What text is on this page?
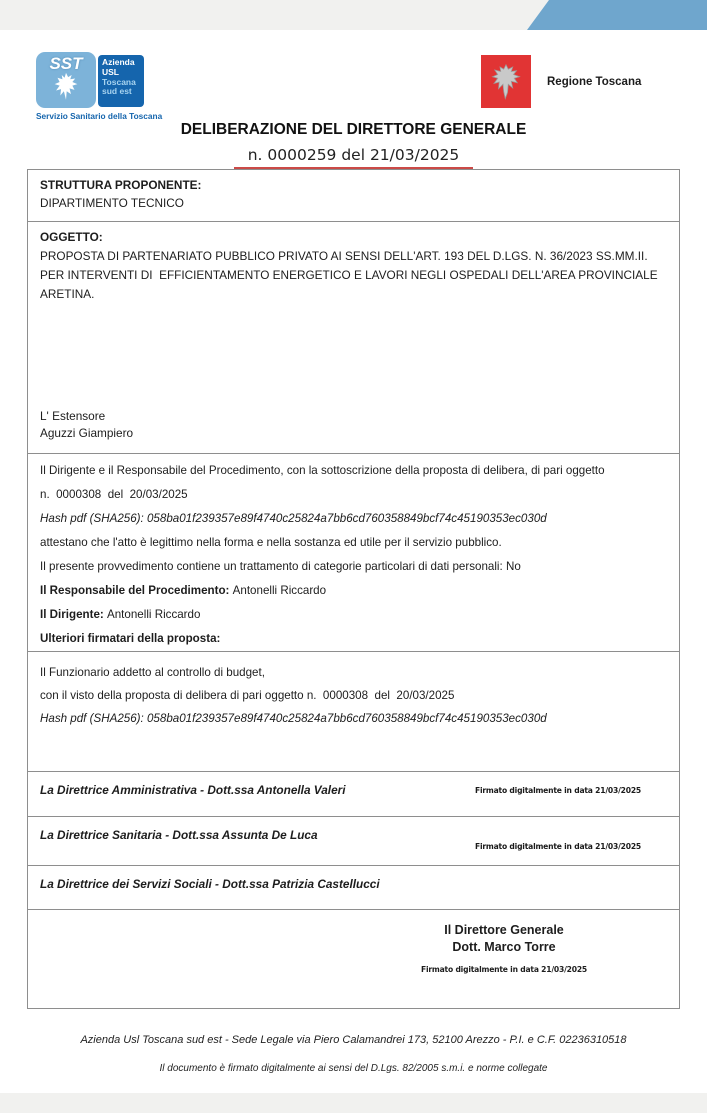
SST Azienda
USL
Toscana
sud est
Servizio Sanitario della Toscana
Regione Toscana
DELIBERAZIONE DEL DIRETTORE GENERALE
n. 0000259 del 21/03/2025
STRUTTURA PROPONENTE:
DIPARTIMENTO TECNICO
OGGETTO:
PROPOSTA DI PARTENARIATO PUBBLICO PRIVATO AI SENSI DELL'ART. 193 DEL D.LGS. N. 36/2023 SS.MM.II. PER INTERVENTI DI  EFFICIENTAMENTO ENERGETICO E LAVORI NEGLI OSPEDALI DELL'AREA PROVINCIALE ARETINA.
L' Estensore
Aguzzi Giampiero
Il Dirigente e il Responsabile del Procedimento, con la sottoscrizione della proposta di delibera, di pari oggetto
n.  0000308  del  20/03/2025
Hash pdf (SHA256): 058ba01f239357e89f4740c25824a7bb6cd760358849bcf74c45190353ec030d
attestano che l'atto è legittimo nella forma e nella sostanza ed utile per il servizio pubblico.
Il presente provvedimento contiene un trattamento di categorie particolari di dati personali: No
Il Responsabile del Procedimento: Antonelli Riccardo
Il Dirigente: Antonelli Riccardo
Ulteriori firmatari della proposta:
Il Funzionario addetto al controllo di budget,
con il visto della proposta di delibera di pari oggetto n.  0000308  del  20/03/2025
Hash pdf (SHA256): 058ba01f239357e89f4740c25824a7bb6cd760358849bcf74c45190353ec030d
La Direttrice Amministrativa - Dott.ssa Antonella Valeri	Firmato digitalmente in data 21/03/2025
La Direttrice Sanitaria - Dott.ssa Assunta De Luca
Firmato digitalmente in data 21/03/2025
La Direttrice dei Servizi Sociali - Dott.ssa Patrizia Castellucci
Il Direttore Generale
Dott. Marco Torre
Firmato digitalmente in data 21/03/2025
Azienda Usl Toscana sud est - Sede Legale via Piero Calamandrei 173, 52100 Arezzo - P.I. e C.F. 02236310518
Il documento è firmato digitalmente ai sensi del D.Lgs. 82/2005 s.m.i. e norme collegate
